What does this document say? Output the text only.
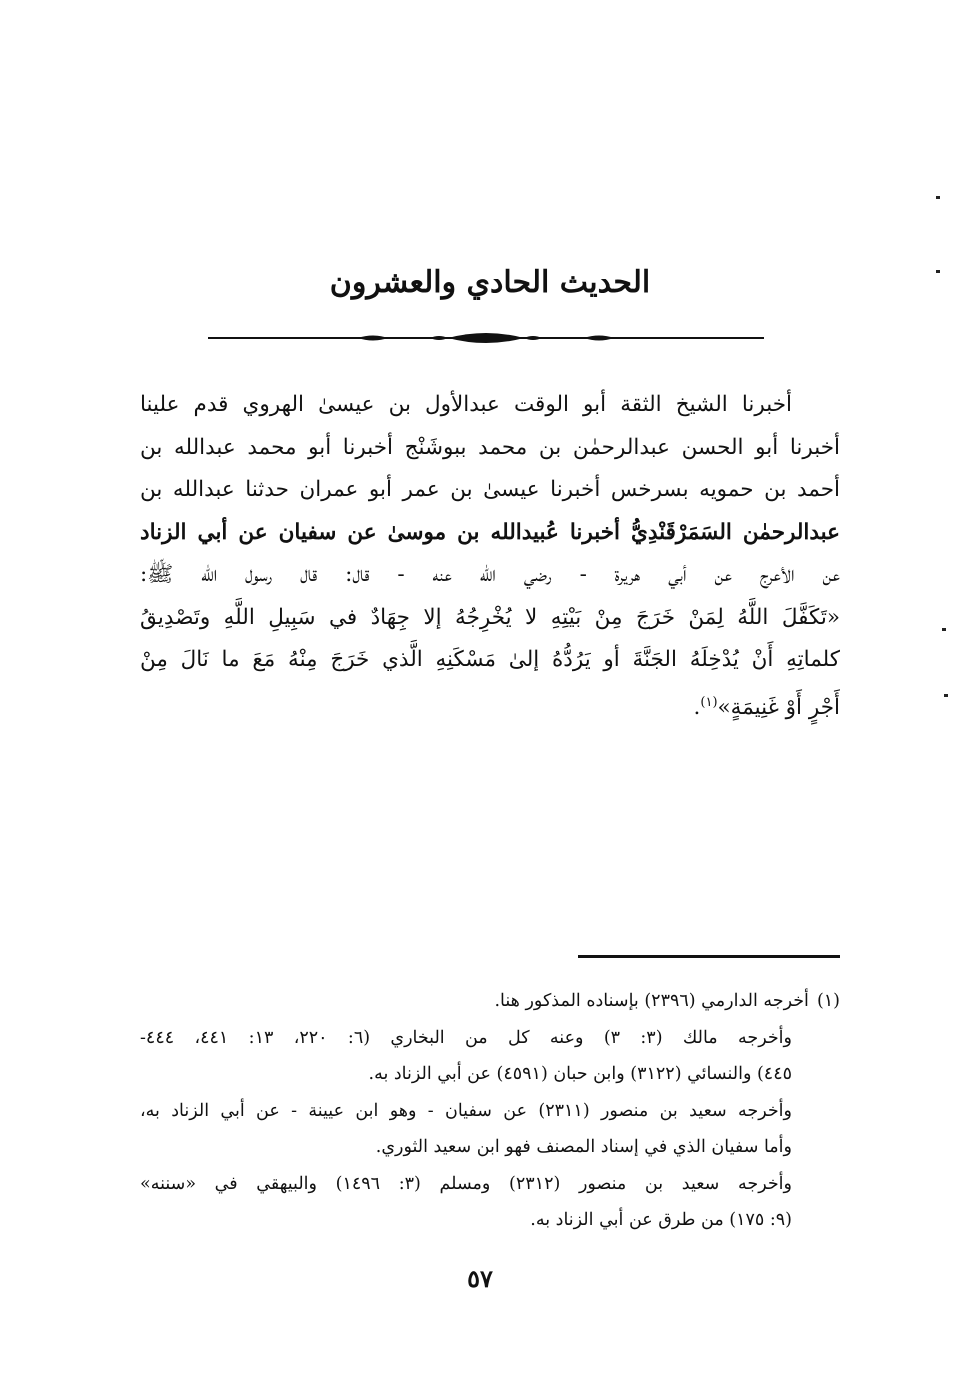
الحديث الحادي والعشرون
أخبرنا الشيخ الثقة أبو الوقت عبدالأول بن عيسىٰ الهروي قدم علينا
أخبرنا أبو الحسن عبدالرحمٰن بن محمد ببوشَنْج أخبرنا أبو محمد عبدالله بن
أحمد بن حمويه بسرخس أخبرنا عيسىٰ بن عمر أبو عمران حدثنا عبدالله بن
عبدالرحمٰن السَمَرْقَنْدِيُّ أخبرنا عُبيدالله بن موسىٰ عن سفيان عن أبي الزناد
عن الأعرج عن أبي هريرة - رضي الله عنه - قال: قال رسول الله ﷺ:
«تَكَفَّلَ اللَّهُ لِمَنْ خَرَجَ مِنْ بَيْتِهِ لا يُخْرِجُهُ إلا جِهَادٌ في سَبِيلِ اللَّهِ وتَصْدِيقُ
كلماتِهِ أَنْ يُدْخِلَهُ الجَنَّةَ أو يَرُدُّهُ إلىٰ مَسْكَنِهِ الَّذي خَرَجَ مِنْهُ مَعَ ما نَالَ مِنْ
أَجْرٍ أَوْ غَنِيمَةٍ»$^{(١)}$.
(١)أخرجه الدارمي (٢٣٩٦) بإسناده المذكور هنا.
وأخرجه مالك (٣: ٣) وعنه كل من البخاري (٦: ٢٢٠، ١٣: ٤٤١، ٤٤٤-
٤٤٥) والنسائي (٣١٢٢) وابن حبان (٤٥٩١) عن أبي الزناد به.
وأخرجه سعيد بن منصور (٢٣١١) عن سفيان - وهو ابن عيينة - عن أبي الزناد به،
وأما سفيان الذي في إسناد المصنف فهو ابن سعيد الثوري.
وأخرجه سعيد بن منصور (٢٣١٢) ومسلم (٣: ١٤٩٦) والبيهقي في «سننه»
(٩: ١٧٥) من طرق عن أبي الزناد به.
٥٧
